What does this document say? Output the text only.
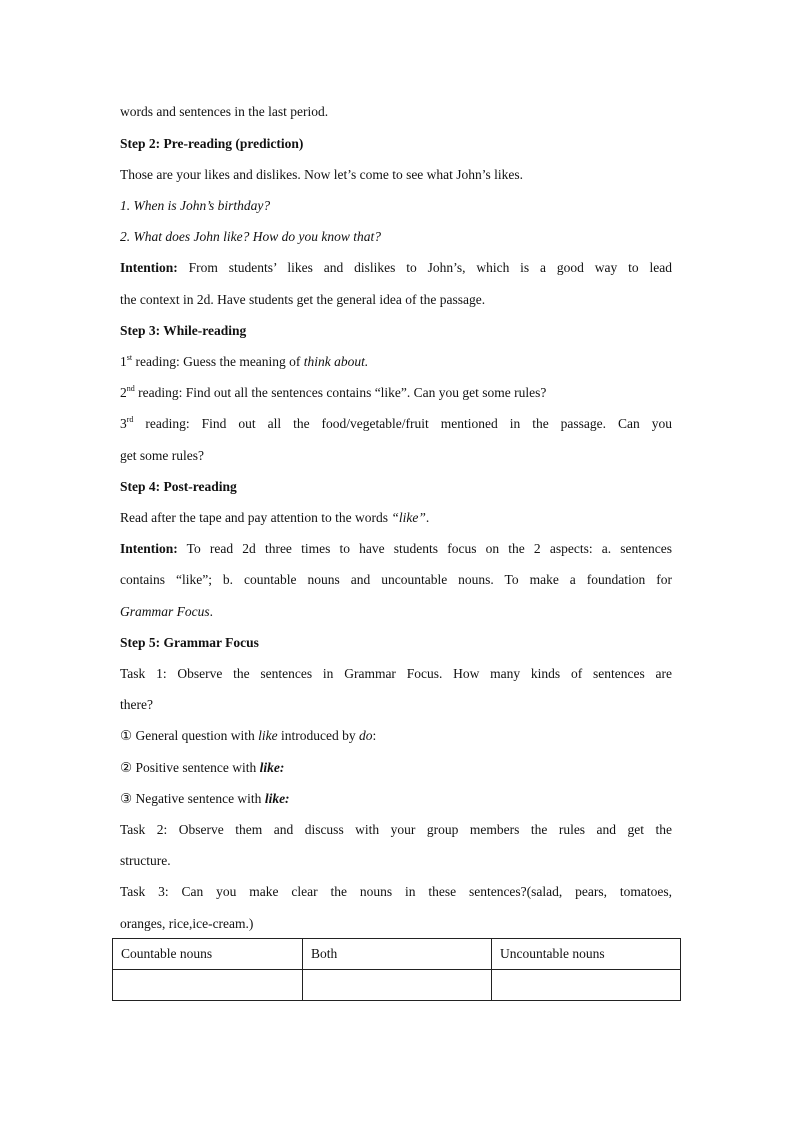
words and sentences in the last period.
Step 2: Pre-reading (prediction)
Those are your likes and dislikes. Now let’s come to see what John’s likes.
1. When is John’s birthday?
2. What does John like? How do you know that?
Intention: From students’ likes and dislikes to John’s, which is a good way to lead
the context in 2d. Have students get the general idea of the passage.
Step 3: While-reading
1st reading: Guess the meaning of think about.
2nd reading: Find out all the sentences contains “like”. Can you get some rules?
3rd reading: Find out all the food/vegetable/fruit mentioned in the passage. Can you
get some rules?
Step 4: Post-reading
Read after the tape and pay attention to the words “like”.
Intention: To read 2d three times to have students focus on the 2 aspects: a. sentences
contains “like”; b. countable nouns and uncountable nouns. To make a foundation for
Grammar Focus.
Step 5: Grammar Focus
Task 1: Observe the sentences in Grammar Focus. How many kinds of sentences are
there?
① General question with like introduced by do:
② Positive sentence with like:
③ Negative sentence with like:
Task 2: Observe them and discuss with your group members the rules and get the
structure.
Task 3: Can you make clear the nouns in these sentences?(salad, pears, tomatoes,
oranges, rice,ice-cream.)
Countable nouns	Both	Uncountable nouns
